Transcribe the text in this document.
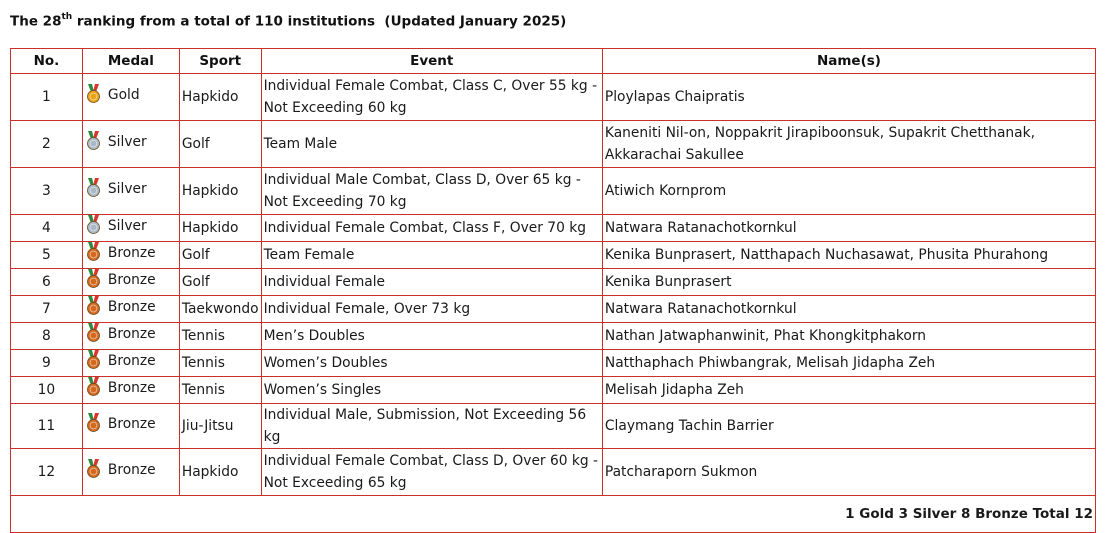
The 28th ranking from a total of 110 institutions  (Updated January 2025)
No.	Medal	Sport	Event	Name(s)
1	Gold	Hapkido	Individual Female Combat, Class C, Over 55 kg - Not Exceeding 60 kg	Ploylapas Chaipratis
2	Silver	Golf	Team Male	Kaneniti Nil-on, Noppakrit Jirapiboonsuk, Supakrit Chetthanak, Akkarachai Sakullee
3	Silver	Hapkido	Individual Male Combat, Class D, Over 65 kg - Not Exceeding 70 kg	Atiwich Kornprom
4	Silver	Hapkido	Individual Female Combat, Class F, Over 70 kg	Natwara Ratanachotkornkul
5	Bronze	Golf	Team Female	Kenika Bunprasert, Natthapach Nuchasawat, Phusita Phurahong
6	Bronze	Golf	Individual Female	Kenika Bunprasert
7	Bronze	Taekwondo	Individual Female, Over 73 kg	Natwara Ratanachotkornkul
8	Bronze	Tennis	Men’s Doubles	Nathan Jatwaphanwinit, Phat Khongkitphakorn
9	Bronze	Tennis	Women’s Doubles	Natthaphach Phiwbangrak, Melisah Jidapha Zeh
10	Bronze	Tennis	Women’s Singles	Melisah Jidapha Zeh
11	Bronze	Jiu-Jitsu	Individual Male, Submission, Not Exceeding 56 kg	Claymang Tachin Barrier
12	Bronze	Hapkido	Individual Female Combat, Class D, Over 60 kg - Not Exceeding 65 kg	Patcharaporn Sukmon
1 Gold 3 Silver 8 Bronze Total 12				
